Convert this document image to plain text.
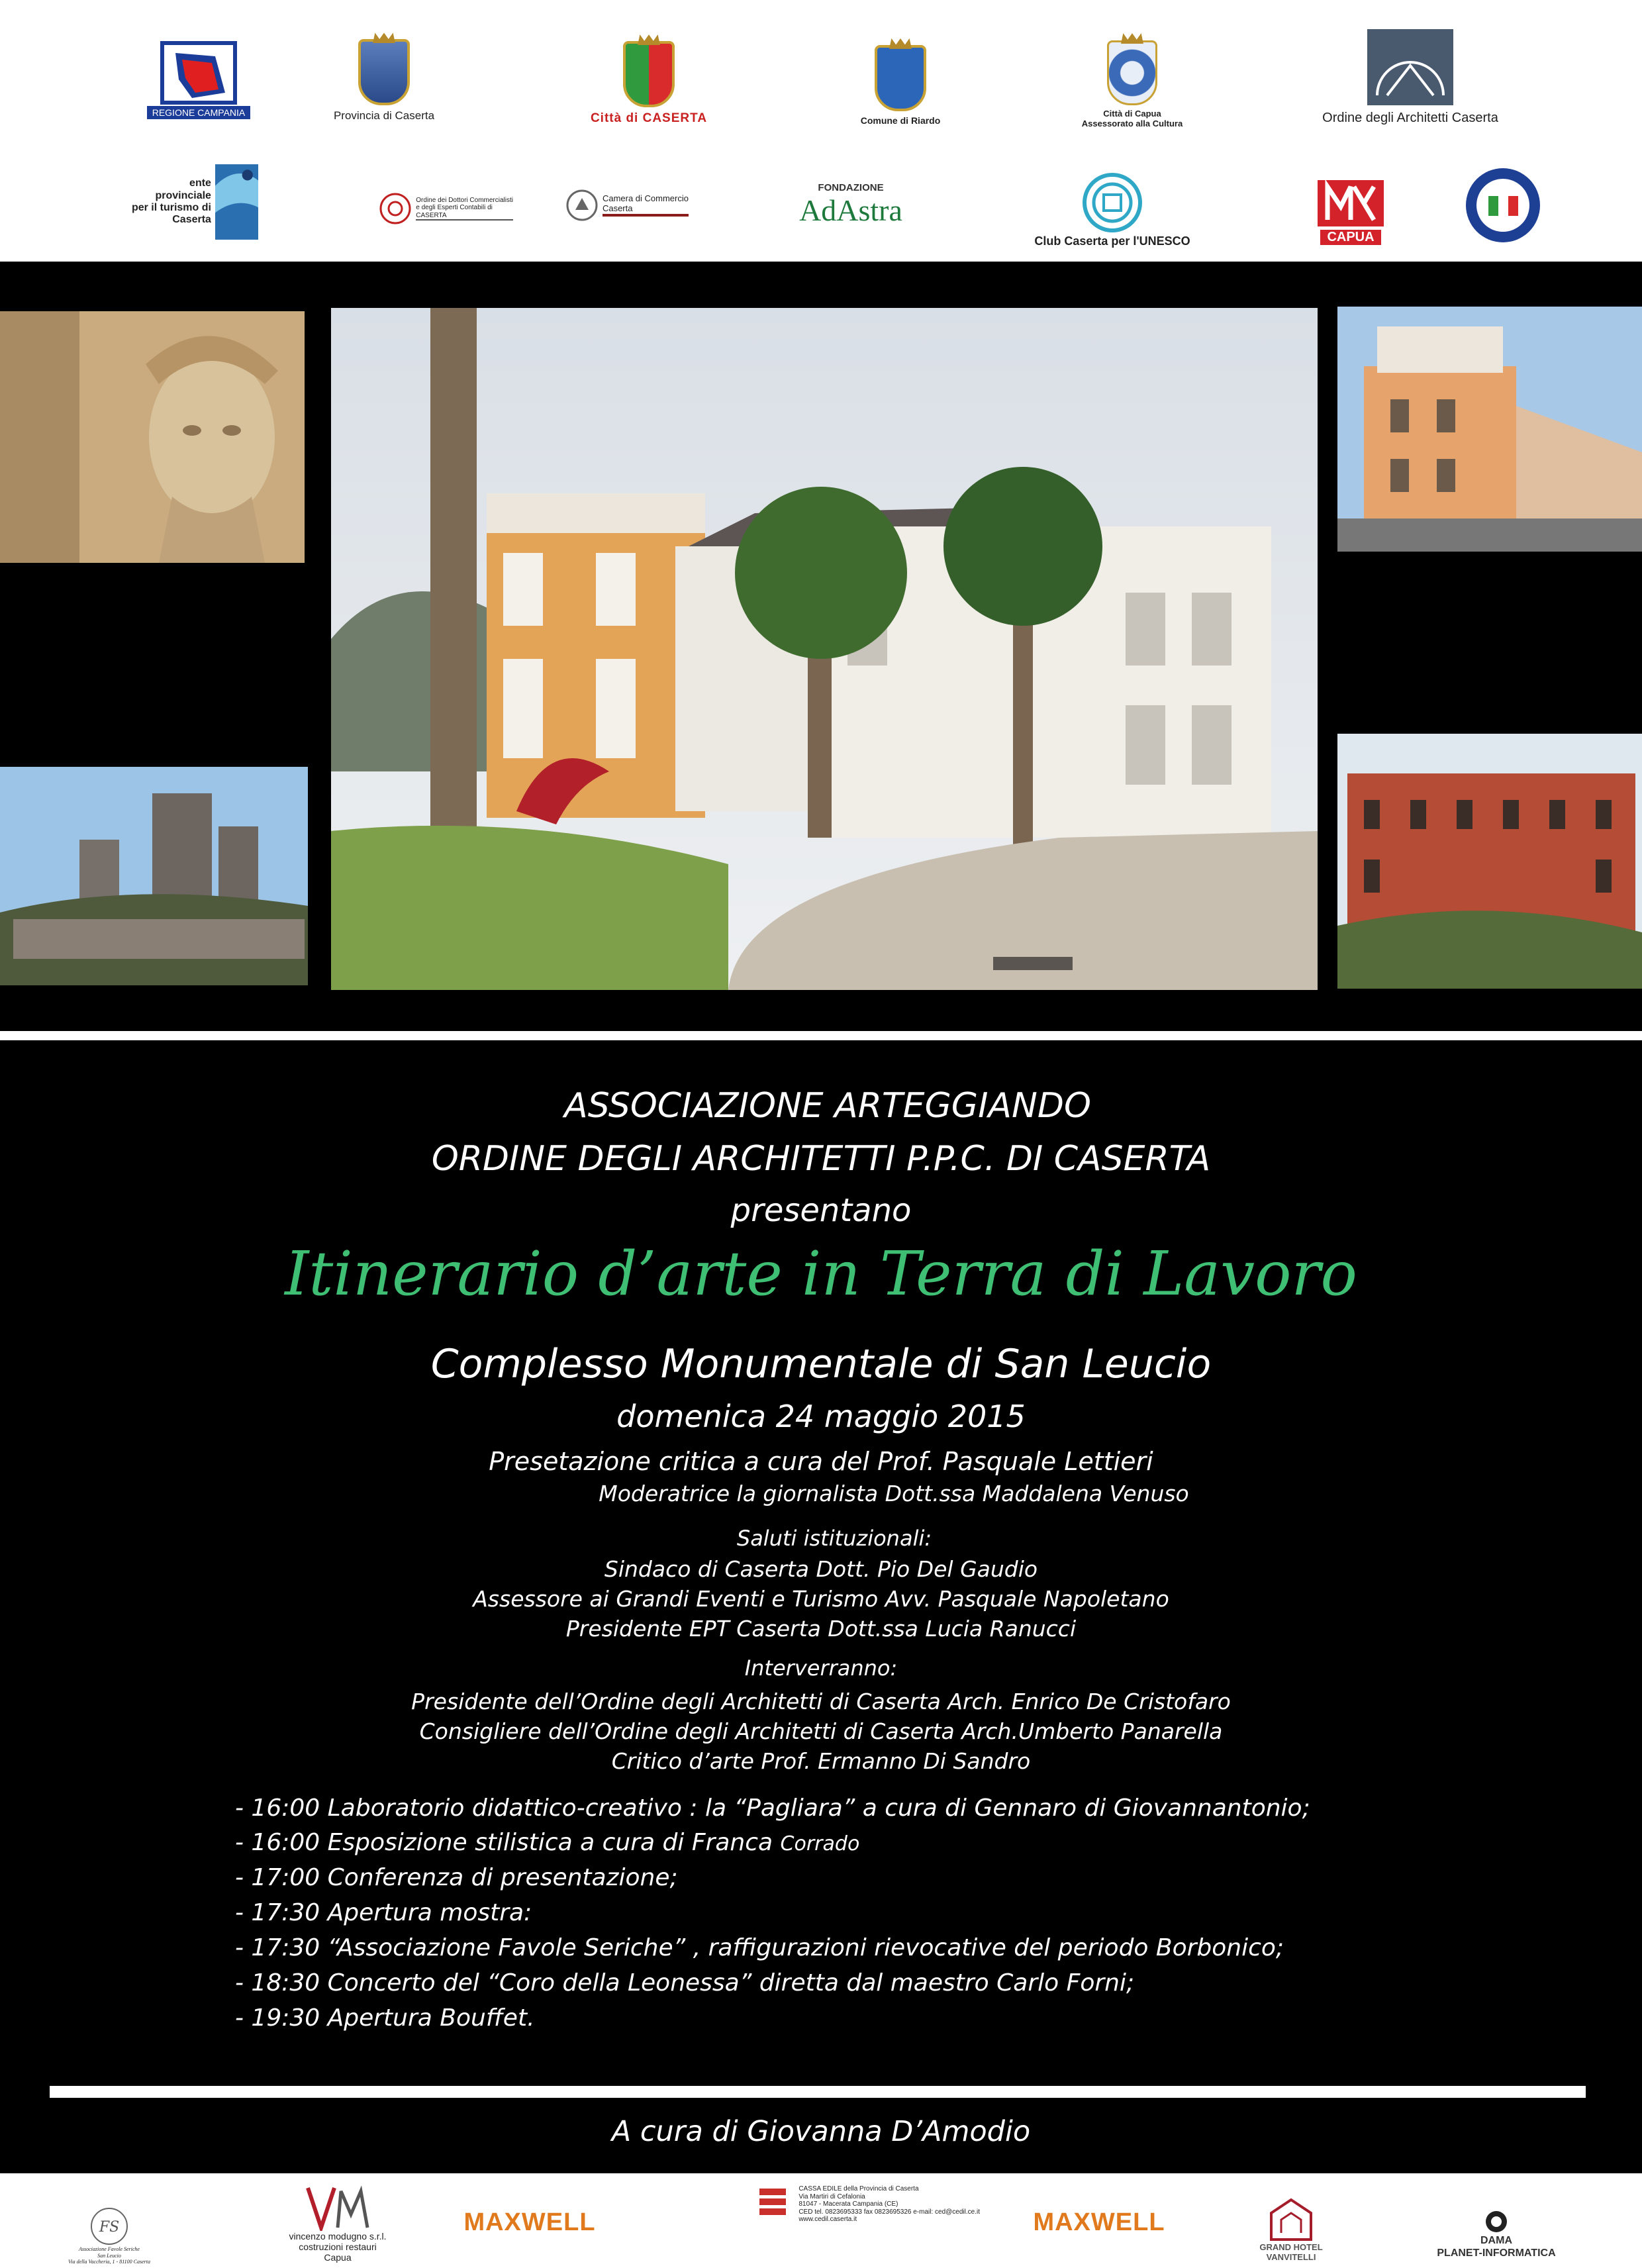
REGIONE CAMPANIA	Provincia di Caserta	Città di CASERTA	Comune di Riardo
Città di Capua
Assessorato alla Cultura	Ordine degli Architetti Caserta
ente
provinciale
per il turismo di Caserta
Ordine dei Dottori Commercialisti
e degli Esperti Contabili di
CASERTA
Camera di Commercio
Caserta
FONDAZIONE
AdAstra
Club Caserta per l'UNESCO	CAPUA
ROMA ITALIA
ASSOCIAZIONE ARTEGGIANDO
ORDINE DEGLI ARCHITETTI P.P.C. DI CASERTA
presentano
Itinerario d’arte in Terra di Lavoro
Complesso Monumentale di San Leucio
domenica 24 maggio 2015
Presetazione critica a cura del Prof. Pasquale Lettieri
Moderatrice la giornalista Dott.ssa Maddalena Venuso
Saluti istituzionali:
Sindaco di Caserta Dott. Pio Del Gaudio
Assessore ai Grandi Eventi e Turismo Avv. Pasquale Napoletano
Presidente EPT Caserta Dott.ssa Lucia Ranucci
Interverranno:
Presidente dell’Ordine degli Architetti di Caserta Arch. Enrico De Cristofaro
Consigliere dell’Ordine degli Architetti di Caserta Arch.Umberto Panarella
Critico d’arte Prof. Ermanno Di Sandro
- 16:00 Laboratorio didattico-creativo : la “Pagliara” a cura di Gennaro di Giovannantonio;
- 16:00 Esposizione stilistica a cura di Franca Corrado
- 17:00 Conferenza di presentazione;
- 17:30 Apertura mostra:
- 17:30 “Associazione Favole Seriche” , raffigurazioni rievocative del periodo Borbonico;
- 18:30 Concerto del “Coro della Leonessa” diretta dal maestro Carlo Forni;
- 19:30 Apertura Bouffet.
A cura di Giovanna D’Amodio
FS
Associazione Favole Seriche
San Leucio
Via della Vaccheria, 1 - 81100 Caserta
vincenzo modugno s.r.l.
costruzioni restauri
Capua
MAXWELL
CASSA EDILE della Provincia di Caserta
Via Martiri di Cefalonia
81047 - Macerata Campania (CE)
CED tel. 0823695333 fax 0823695326 e-mail: ced@cedil.ce.it
www.cedil.caserta.it	MAXWELL
GRAND HOTEL
VANVITELLI
DAMA
PLANET-INFORMATICA
